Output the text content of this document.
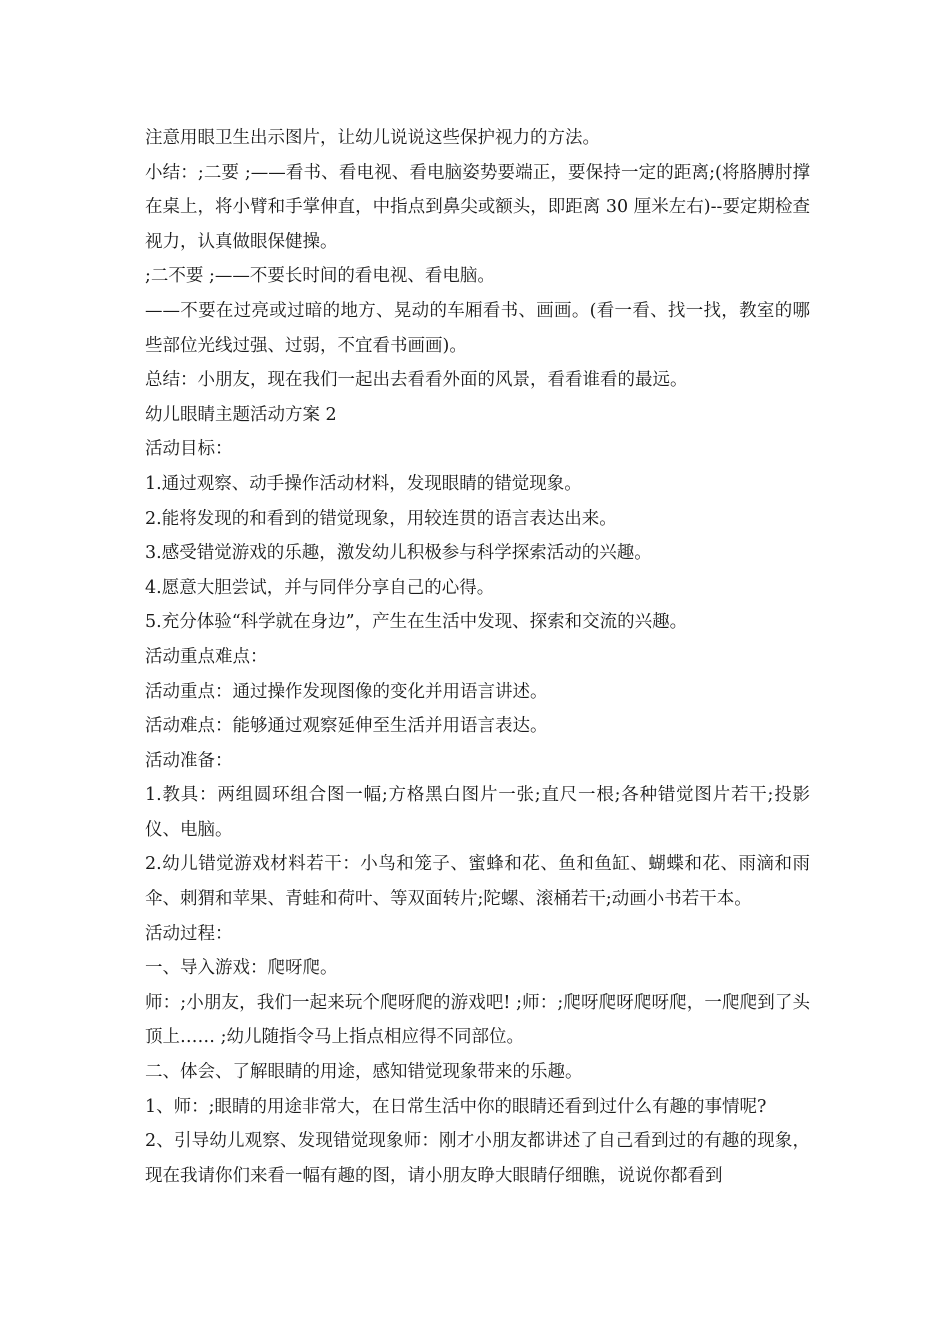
注意用眼卫生出示图片，让幼儿说说这些保护视力的方法。

小结：;二要 ;——看书、看电视、看电脑姿势要端正，要保持一定的距离;(将胳膊肘撑在桌上，将小臂和手掌伸直，中指点到鼻尖或额头，即距离 30 厘米左右)--要定期检查视力，认真做眼保健操。

;二不要 ;——不要长时间的看电视、看电脑。

——不要在过亮或过暗的地方、晃动的车厢看书、画画。(看一看、找一找，教室的哪些部位光线过强、过弱，不宜看书画画)。

总结：小朋友，现在我们一起出去看看外面的风景，看看谁看的最远。

幼儿眼睛主题活动方案 2

活动目标：

1.通过观察、动手操作活动材料，发现眼睛的错觉现象。

2.能将发现的和看到的错觉现象，用较连贯的语言表达出来。

3.感受错觉游戏的乐趣，激发幼儿积极参与科学探索活动的兴趣。

4.愿意大胆尝试，并与同伴分享自己的心得。

5.充分体验“科学就在身边”，产生在生活中发现、探索和交流的兴趣。

活动重点难点：

活动重点：通过操作发现图像的变化并用语言讲述。

活动难点：能够通过观察延伸至生活并用语言表达。

活动准备：

1.教具：两组圆环组合图一幅;方格黑白图片一张;直尺一根;各种错觉图片若干;投影仪、电脑。

2.幼儿错觉游戏材料若干：小鸟和笼子、蜜蜂和花、鱼和鱼缸、蝴蝶和花、雨滴和雨伞、刺猬和苹果、青蛙和荷叶、等双面转片;陀螺、滚桶若干;动画小书若干本。

活动过程：

一、导入游戏：爬呀爬。

师：;小朋友，我们一起来玩个爬呀爬的游戏吧! ;师：;爬呀爬呀爬呀爬，一爬爬到了头顶上…… ;幼儿随指令马上指点相应得不同部位。

二、体会、了解眼睛的用途，感知错觉现象带来的乐趣。

1、师：;眼睛的用途非常大，在日常生活中你的眼睛还看到过什么有趣的事情呢?

2、引导幼儿观察、发现错觉现象师：刚才小朋友都讲述了自己看到过的有趣的现象，现在我请你们来看一幅有趣的图，请小朋友睁大眼睛仔细瞧，说说你都看到
